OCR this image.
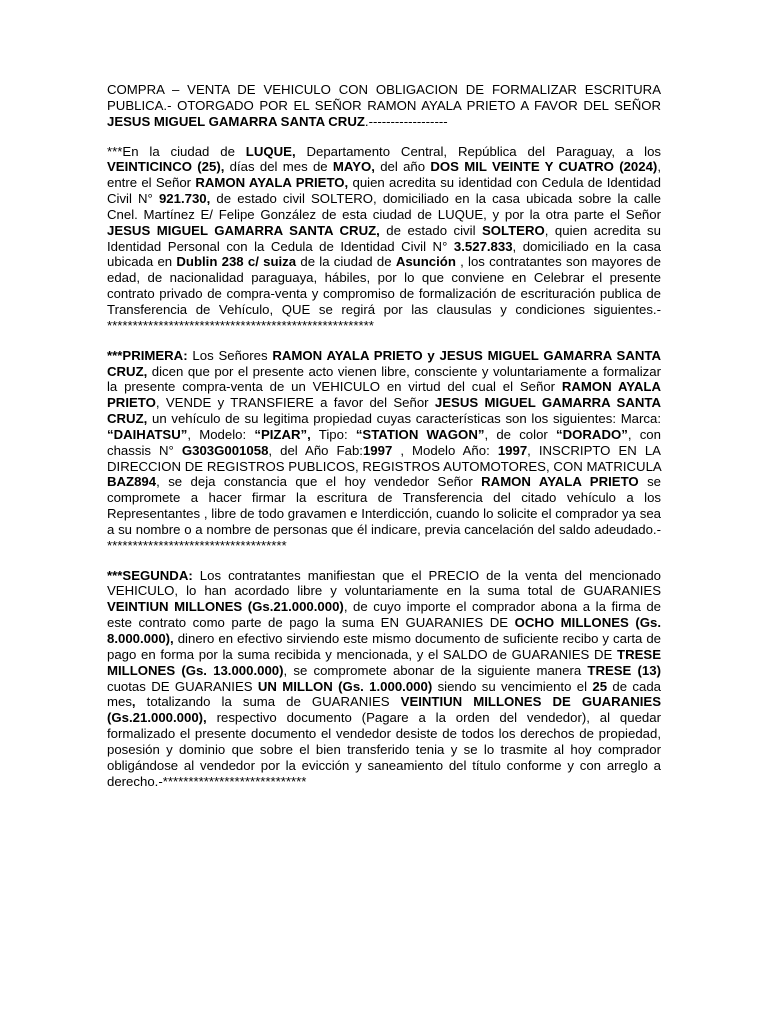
COMPRA – VENTA DE VEHICULO CON OBLIGACION DE FORMALIZAR ESCRITURA PUBLICA.- OTORGADO POR EL SEÑOR RAMON AYALA PRIETO A FAVOR DEL SEÑOR JESUS MIGUEL GAMARRA SANTA CRUZ.------------------

***En la ciudad de LUQUE, Departamento Central, República del Paraguay, a los VEINTICINCO (25), días del mes de MAYO, del año DOS MIL VEINTE Y CUATRO (2024), entre el Señor RAMON AYALA PRIETO, quien acredita su identidad con Cedula de Identidad Civil N° 921.730, de estado civil SOLTERO, domiciliado en la casa ubicada sobre la calle Cnel. Martínez E/ Felipe González de esta ciudad de LUQUE, y por la otra parte el Señor JESUS MIGUEL GAMARRA SANTA CRUZ, de estado civil SOLTERO, quien acredita su Identidad Personal con la Cedula de Identidad Civil N° 3.527.833, domiciliado en la casa ubicada en Dublin 238 c/ suiza de la ciudad de Asunción , los contratantes son mayores de edad, de nacionalidad paraguaya, hábiles, por lo que conviene en Celebrar el presente contrato privado de compra-venta y compromiso de formalización de escrituración publica de Transferencia de Vehículo, QUE se regirá por las clausulas y condiciones siguientes.-****************************************************

***PRIMERA: Los Señores RAMON AYALA PRIETO y JESUS MIGUEL GAMARRA SANTA CRUZ, dicen que por el presente acto vienen libre, consciente y voluntariamente a formalizar la presente compra-venta de un VEHICULO en virtud del cual el Señor RAMON AYALA PRIETO, VENDE y TRANSFIERE a favor del Señor JESUS MIGUEL GAMARRA SANTA CRUZ, un vehículo de su legitima propiedad cuyas características son los siguientes: Marca: “DAIHATSU”, Modelo: “PIZAR”, Tipo: “STATION WAGON”, de color “DORADO”, con chassis N° G303G001058, del Año Fab:1997 , Modelo Año: 1997, INSCRIPTO EN LA DIRECCION DE REGISTROS PUBLICOS, REGISTROS AUTOMOTORES, CON MATRICULA BAZ894, se deja constancia que el hoy vendedor Señor RAMON AYALA PRIETO se compromete a hacer firmar la escritura de Transferencia del citado vehículo a los Representantes , libre de todo gravamen e Interdicción, cuando lo solicite el comprador ya sea a su nombre o a nombre de personas que él indicare, previa cancelación del saldo adeudado.-***********************************

***SEGUNDA: Los contratantes manifiestan que el PRECIO de la venta del mencionado VEHICULO, lo han acordado libre y voluntariamente en la suma total de GUARANIES VEINTIUN MILLONES (Gs.21.000.000), de cuyo importe el comprador abona a la firma de este contrato como parte de pago la suma EN GUARANIES DE OCHO MILLONES (Gs. 8.000.000), dinero en efectivo sirviendo este mismo documento de suficiente recibo y carta de pago en forma por la suma recibida y mencionada, y el SALDO de GUARANIES DE TRESE MILLONES (Gs. 13.000.000), se compromete abonar de la siguiente manera TRESE (13) cuotas DE GUARANIES UN MILLON (Gs. 1.000.000) siendo su vencimiento el 25 de cada mes, totalizando la suma de GUARANIES VEINTIUN MILLONES DE GUARANIES (Gs.21.000.000), respectivo documento (Pagare a la orden del vendedor), al quedar formalizado el presente documento el vendedor desiste de todos los derechos de propiedad, posesión y dominio que sobre el bien transferido tenia y se lo trasmite al hoy comprador obligándose al vendedor por la evicción y saneamiento del título conforme y con arreglo a derecho.-****************************
